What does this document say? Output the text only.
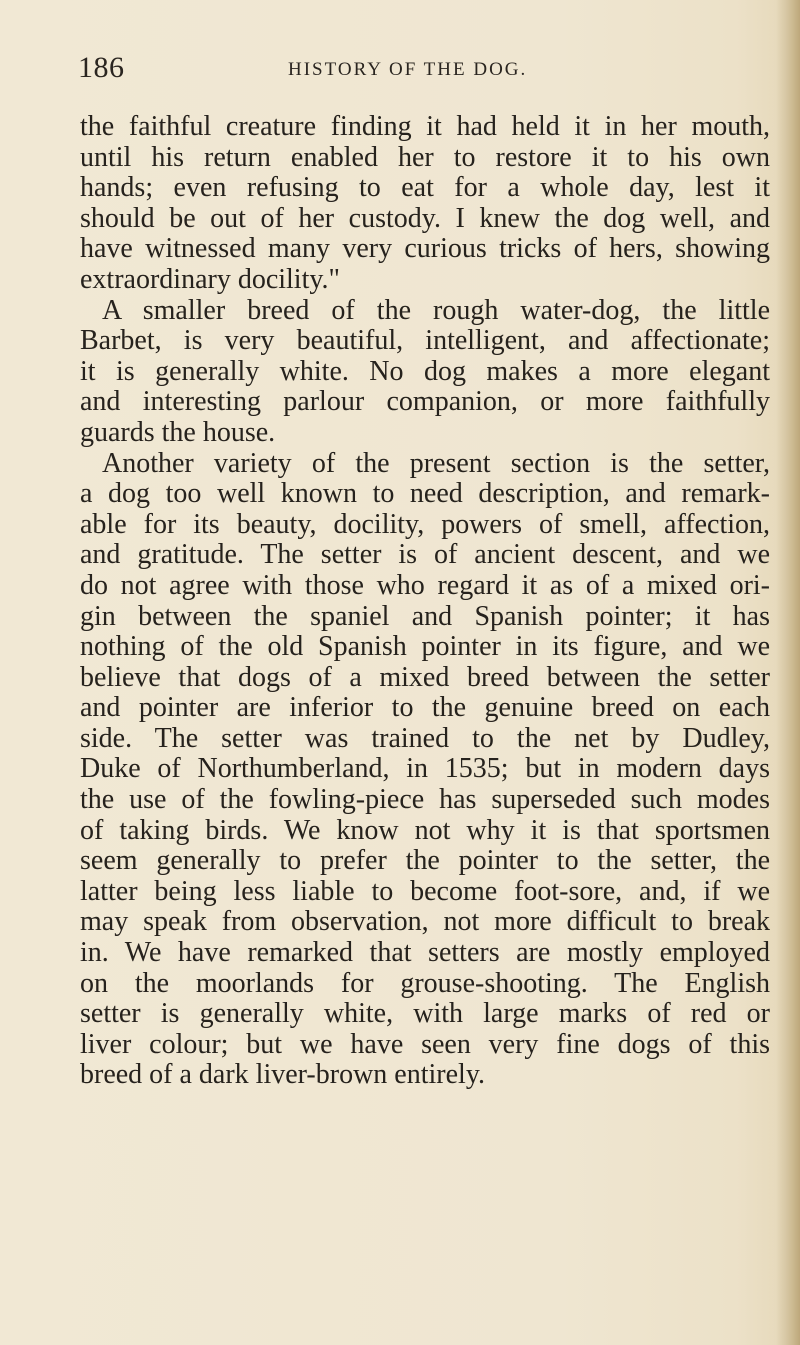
186	HISTORY OF THE DOG.
the faithful creature finding it had held it in her mouth,
until his return enabled her to restore it to his own
hands; even refusing to eat for a whole day, lest it
should be out of her custody. I knew the dog well, and
have witnessed many very curious tricks of hers, showing
extraordinary docility."
A smaller breed of the rough water-dog, the little
Barbet, is very beautiful, intelligent, and affectionate;
it is generally white. No dog makes a more elegant
and interesting parlour companion, or more faithfully
guards the house.
Another variety of the present section is the setter,
a dog too well known to need description, and remark-
able for its beauty, docility, powers of smell, affection,
and gratitude. The setter is of ancient descent, and we
do not agree with those who regard it as of a mixed ori-
gin between the spaniel and Spanish pointer; it has
nothing of the old Spanish pointer in its figure, and we
believe that dogs of a mixed breed between the setter
and pointer are inferior to the genuine breed on each
side. The setter was trained to the net by Dudley,
Duke of Northumberland, in 1535; but in modern days
the use of the fowling-piece has superseded such modes
of taking birds. We know not why it is that sportsmen
seem generally to prefer the pointer to the setter, the
latter being less liable to become foot-sore, and, if we
may speak from observation, not more difficult to break
in. We have remarked that setters are mostly employed
on the moorlands for grouse-shooting. The English
setter is generally white, with large marks of red or
liver colour; but we have seen very fine dogs of this
breed of a dark liver-brown entirely.
